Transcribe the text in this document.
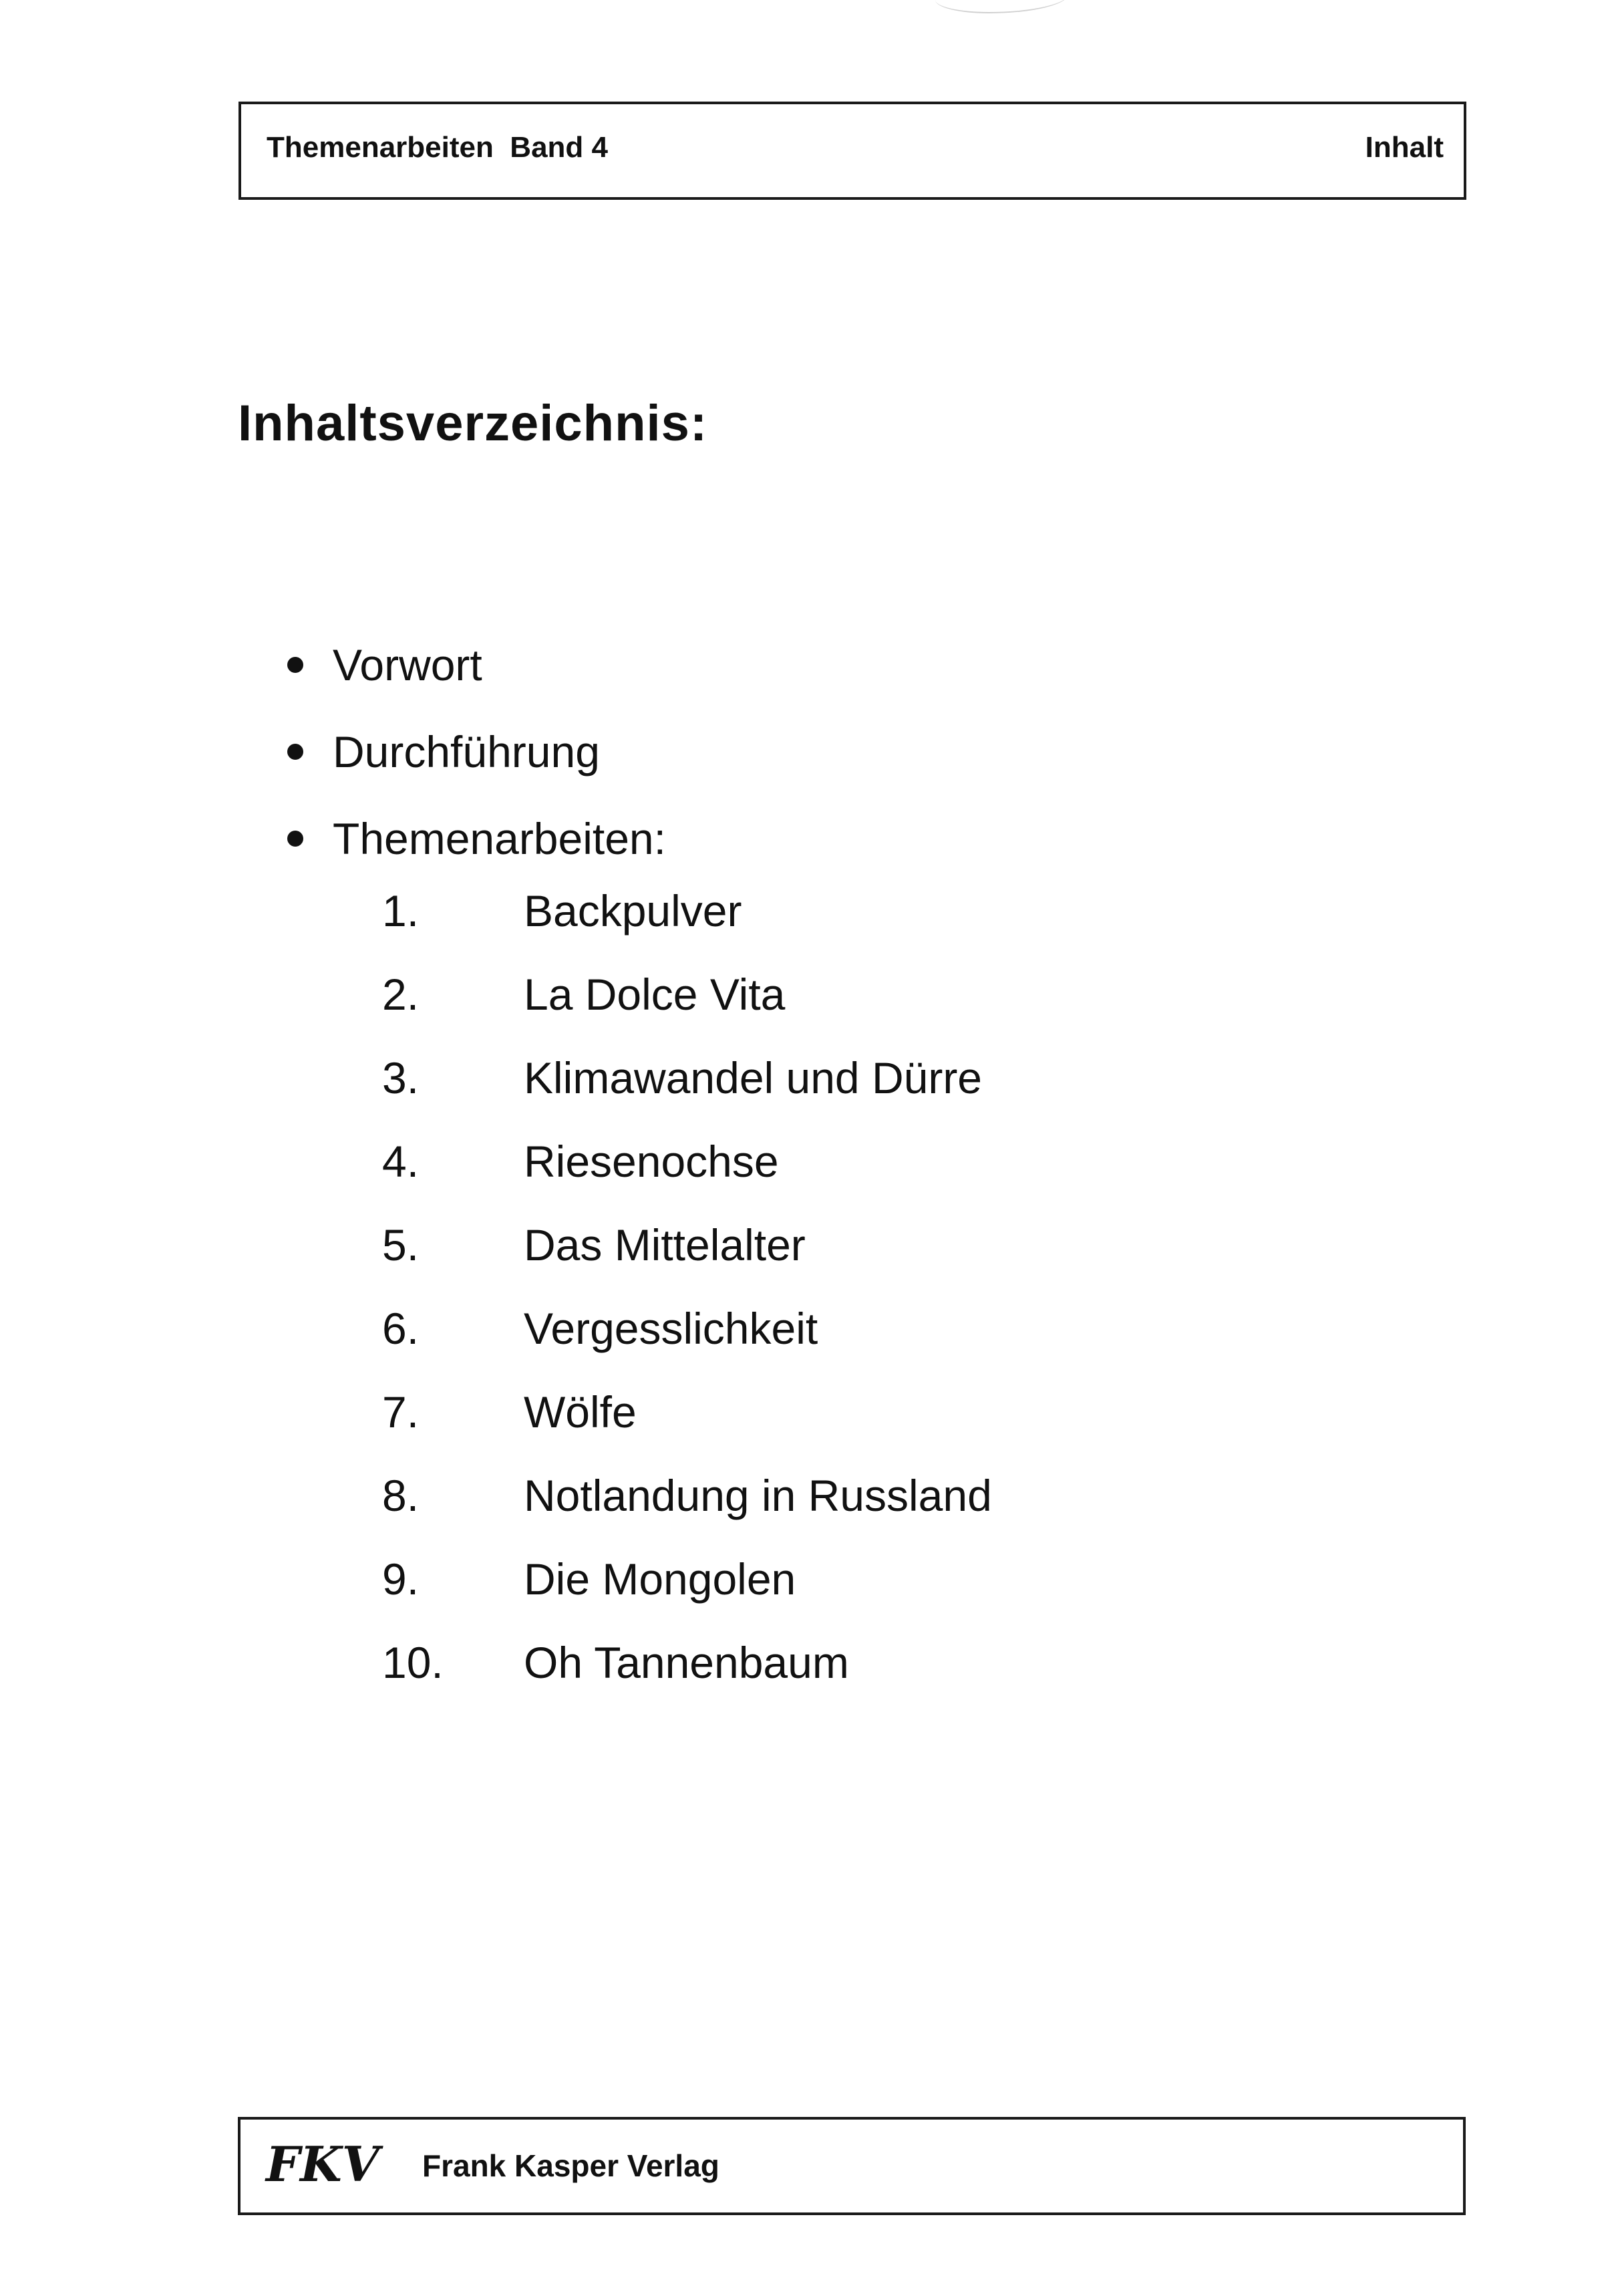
Themenarbeiten  Band 4	Inhalt
Inhaltsverzeichnis:
Vorwort
Durchführung
Themenarbeiten:
1.	Backpulver
2.	La Dolce Vita
3.	Klimawandel und Dürre
4.	Riesenochse
5.	Das Mittelalter
6.	Vergesslichkeit
7.	Wölfe
8.	Notlandung in Russland
9.	Die Mongolen
10.	Oh Tannenbaum
FKV Frank Kasper Verlag
